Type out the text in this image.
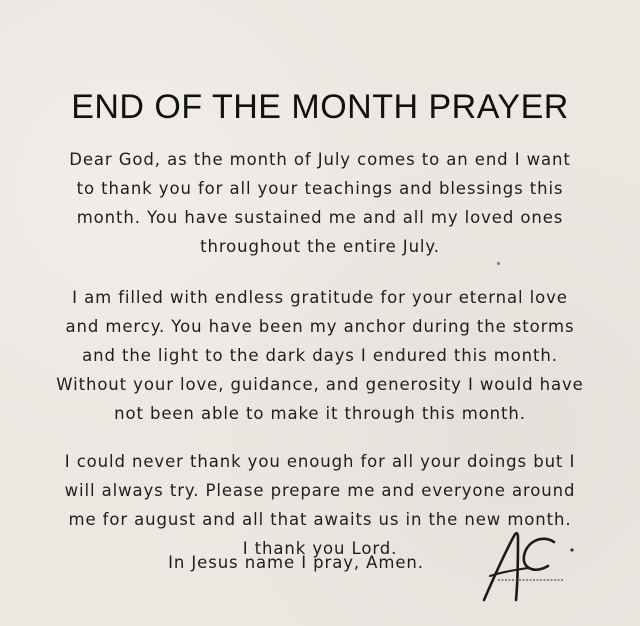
END OF THE MONTH PRAYER
Dear God, as the month of July comes to an end I want
to thank you for all your teachings and blessings this
month. You have sustained me and all my loved ones
throughout the entire July.
I am filled with endless gratitude for your eternal love
and mercy. You have been my anchor during the storms
and the light to the dark days I endured this month.
Without your love, guidance, and generosity I would have
not been able to make it through this month.
I could never thank you enough for all your doings but I
will always try. Please prepare me and everyone around
me for august and all that awaits us in the new month.
I thank you Lord.
In Jesus name I pray, Amen.
